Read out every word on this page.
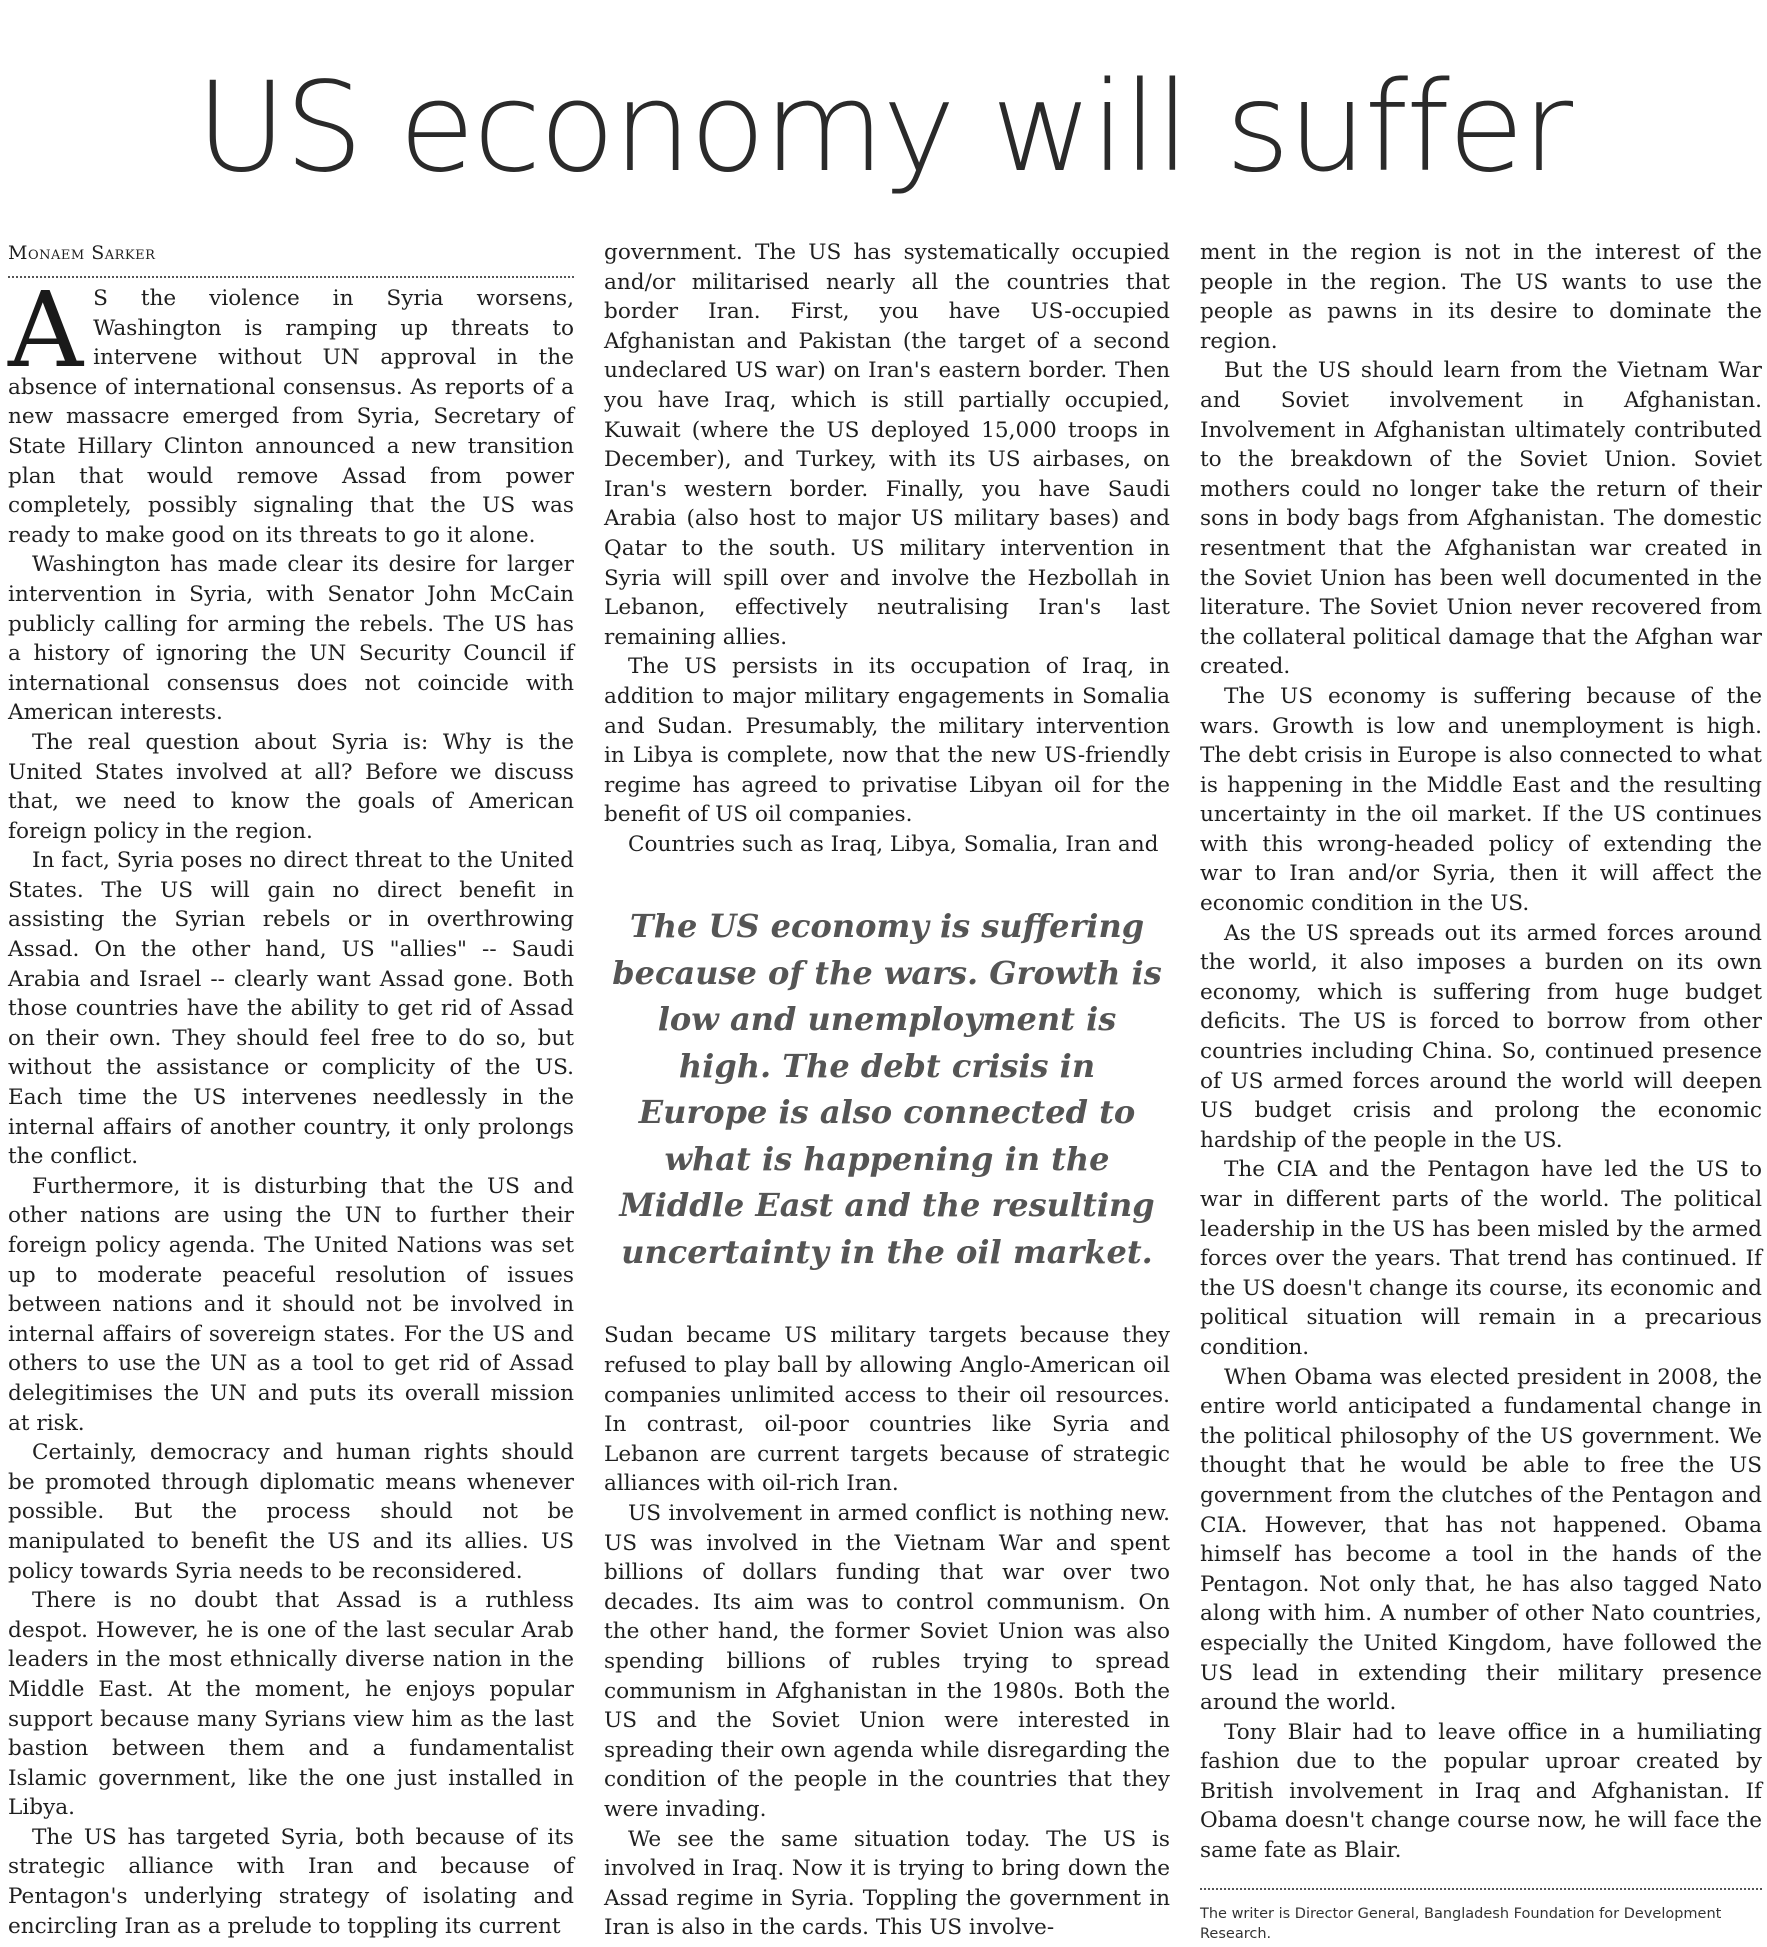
US economy will suffer
Monaem Sarker

A S the violence in Syria worsens, Washington is ramping up threats to intervene without UN approval in the absence of international consensus. As reports of a new massacre emerged from Syria, Secretary of State Hillary Clinton announced a new transition plan that would remove Assad from power completely, possibly signaling that the US was ready to make good on its threats to go it alone.

Washington has made clear its desire for larger intervention in Syria, with Senator John McCain publicly calling for arming the rebels. The US has a history of ignoring the UN Security Council if international consensus does not coincide with American interests.

The real question about Syria is: Why is the United States involved at all? Before we discuss that, we need to know the goals of American foreign policy in the region.

In fact, Syria poses no direct threat to the United States. The US will gain no direct benefit in assisting the Syrian rebels or in overthrowing Assad. On the other hand, US "allies" -- Saudi Arabia and Israel -- clearly want Assad gone. Both those countries have the ability to get rid of Assad on their own. They should feel free to do so, but without the assistance or complicity of the US. Each time the US intervenes needlessly in the internal affairs of another country, it only prolongs the conflict.

Furthermore, it is disturbing that the US and other nations are using the UN to further their foreign policy agenda. The United Nations was set up to moderate peaceful resolution of issues between nations and it should not be involved in internal affairs of sovereign states. For the US and others to use the UN as a tool to get rid of Assad delegitimises the UN and puts its overall mission at risk.

Certainly, democracy and human rights should be promoted through diplomatic means whenever possible. But the process should not be manipulated to benefit the US and its allies. US policy towards Syria needs to be reconsidered.

There is no doubt that Assad is a ruthless despot. However, he is one of the last secular Arab leaders in the most ethnically diverse nation in the Middle East. At the moment, he enjoys popular support because many Syrians view him as the last bastion between them and a fundamentalist Islamic government, like the one just installed in Libya.

The US has targeted Syria, both because of its strategic alliance with Iran and because of Pentagon's underlying strategy of isolating and encircling Iran as a prelude to toppling its current

government. The US has systematically occupied and/or militarised nearly all the countries that border Iran. First, you have US-occupied Afghanistan and Pakistan (the target of a second undeclared US war) on Iran's eastern border. Then you have Iraq, which is still partially occupied, Kuwait (where the US deployed 15,000 troops in December), and Turkey, with its US airbases, on Iran's western border. Finally, you have Saudi Arabia (also host to major US military bases) and Qatar to the south. US military intervention in Syria will spill over and involve the Hezbollah in Lebanon, effectively neutralising Iran's last remaining allies.

The US persists in its occupation of Iraq, in addition to major military engagements in Somalia and Sudan. Presumably, the military intervention in Libya is complete, now that the new US-friendly regime has agreed to privatise Libyan oil for the benefit of US oil companies.

Countries such as Iraq, Libya, Somalia, Iran and

The US economy is suffering because of the wars. Growth is low and unemployment is high. The debt crisis in Europe is also connected to what is happening in the Middle East and the resulting uncertainty in the oil market.

Sudan became US military targets because they refused to play ball by allowing Anglo-American oil companies unlimited access to their oil resources. In contrast, oil-poor countries like Syria and Lebanon are current targets because of strategic alliances with oil-rich Iran.

US involvement in armed conflict is nothing new. US was involved in the Vietnam War and spent billions of dollars funding that war over two decades. Its aim was to control communism. On the other hand, the former Soviet Union was also spending billions of rubles trying to spread communism in Afghanistan in the 1980s. Both the US and the Soviet Union were interested in spreading their own agenda while disregarding the condition of the people in the countries that they were invading.

We see the same situation today. The US is involved in Iraq. Now it is trying to bring down the Assad regime in Syria. Toppling the government in Iran is also in the cards. This US involve-

ment in the region is not in the interest of the people in the region. The US wants to use the people as pawns in its desire to dominate the region.

But the US should learn from the Vietnam War and Soviet involvement in Afghanistan. Involvement in Afghanistan ultimately contributed to the breakdown of the Soviet Union. Soviet mothers could no longer take the return of their sons in body bags from Afghanistan. The domestic resentment that the Afghanistan war created in the Soviet Union has been well documented in the literature. The Soviet Union never recovered from the collateral political damage that the Afghan war created.

The US economy is suffering because of the wars. Growth is low and unemployment is high. The debt crisis in Europe is also connected to what is happening in the Middle East and the resulting uncertainty in the oil market. If the US continues with this wrong-headed policy of extending the war to Iran and/or Syria, then it will affect the economic condition in the US.

As the US spreads out its armed forces around the world, it also imposes a burden on its own economy, which is suffering from huge budget deficits. The US is forced to borrow from other countries including China. So, continued presence of US armed forces around the world will deepen US budget crisis and prolong the economic hardship of the people in the US.

The CIA and the Pentagon have led the US to war in different parts of the world. The political leadership in the US has been misled by the armed forces over the years. That trend has continued. If the US doesn't change its course, its economic and political situation will remain in a precarious condition.

When Obama was elected president in 2008, the entire world anticipated a fundamental change in the political philosophy of the US government. We thought that he would be able to free the US government from the clutches of the Pentagon and CIA. However, that has not happened. Obama himself has become a tool in the hands of the Pentagon. Not only that, he has also tagged Nato along with him. A number of other Nato countries, especially the United Kingdom, have followed the US lead in extending their military presence around the world.

Tony Blair had to leave office in a humiliating fashion due to the popular uproar created by British involvement in Iraq and Afghanistan. If Obama doesn't change course now, he will face the same fate as Blair.

The writer is Director General, Bangladesh Foundation for Development Research.
